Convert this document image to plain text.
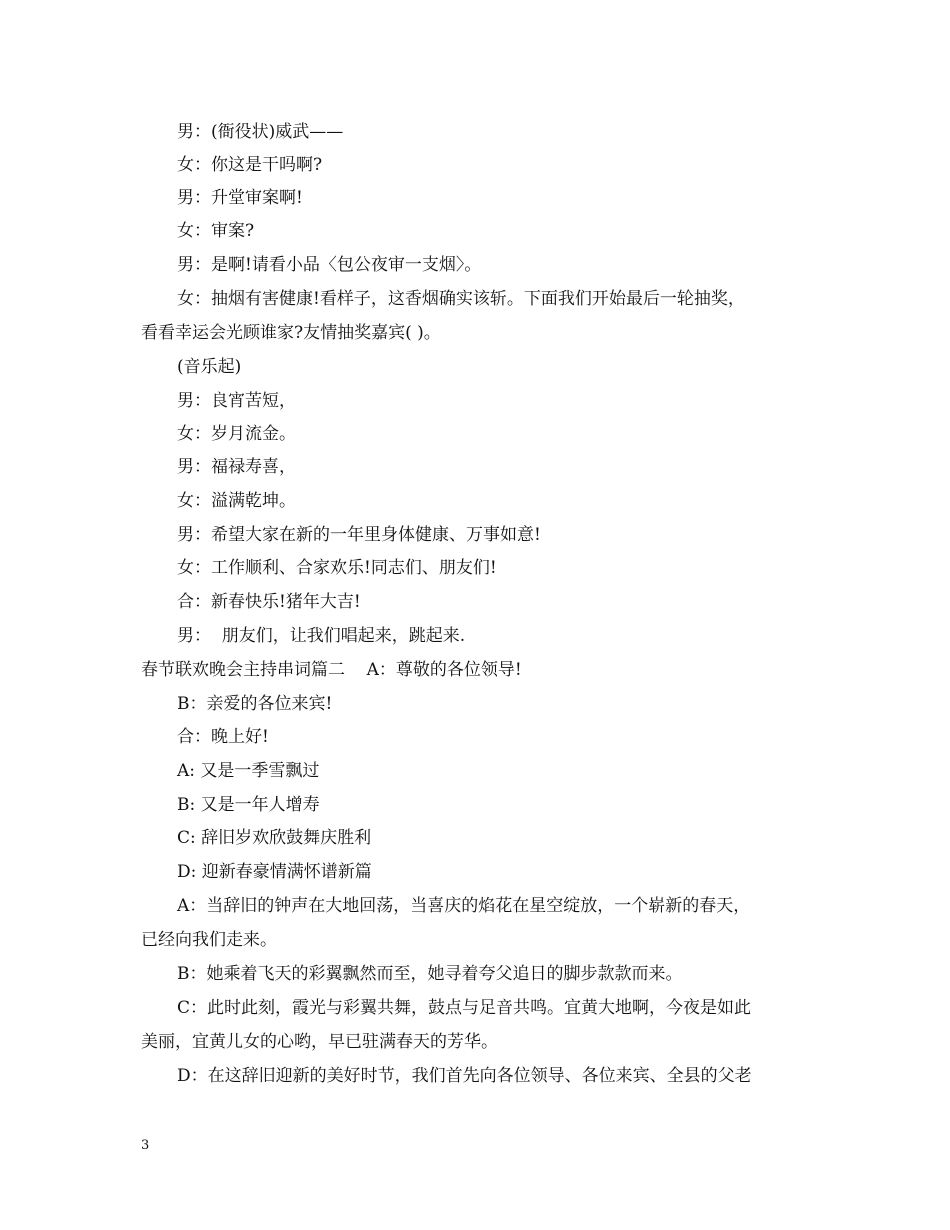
男：(衙役状)威武——
女：你这是干吗啊?
男：升堂审案啊!
女：审案?
男：是啊!请看小品〈包公夜审一支烟〉。
女：抽烟有害健康!看样子，这香烟确实该斩。下面我们开始最后一轮抽奖，
看看幸运会光顾谁家?友情抽奖嘉宾( )。
(音乐起)
男：良宵苦短，
女：岁月流金。
男：福禄寿喜，
女：溢满乾坤。
男：希望大家在新的一年里身体健康、万事如意!
女：工作顺利、合家欢乐!同志们、朋友们!
合：新春快乐!猪年大吉!
男：  朋友们，让我们唱起来，跳起来.
春节联欢晚会主持串词篇二    A：尊敬的各位领导!
B：亲爱的各位来宾!
合：晚上好!
A: 又是一季雪飘过
B: 又是一年人增寿
C: 辞旧岁欢欣鼓舞庆胜利
D: 迎新春豪情满怀谱新篇
A：当辞旧的钟声在大地回荡，当喜庆的焰花在星空绽放，一个崭新的春天，
已经向我们走来。
B：她乘着飞天的彩翼飘然而至，她寻着夸父追日的脚步款款而来。
C：此时此刻，霞光与彩翼共舞，鼓点与足音共鸣。宜黄大地啊，今夜是如此
美丽，宜黄儿女的心哟，早已驻满春天的芳华。
D：在这辞旧迎新的美好时节，我们首先向各位领导、各位来宾、全县的父老
3
